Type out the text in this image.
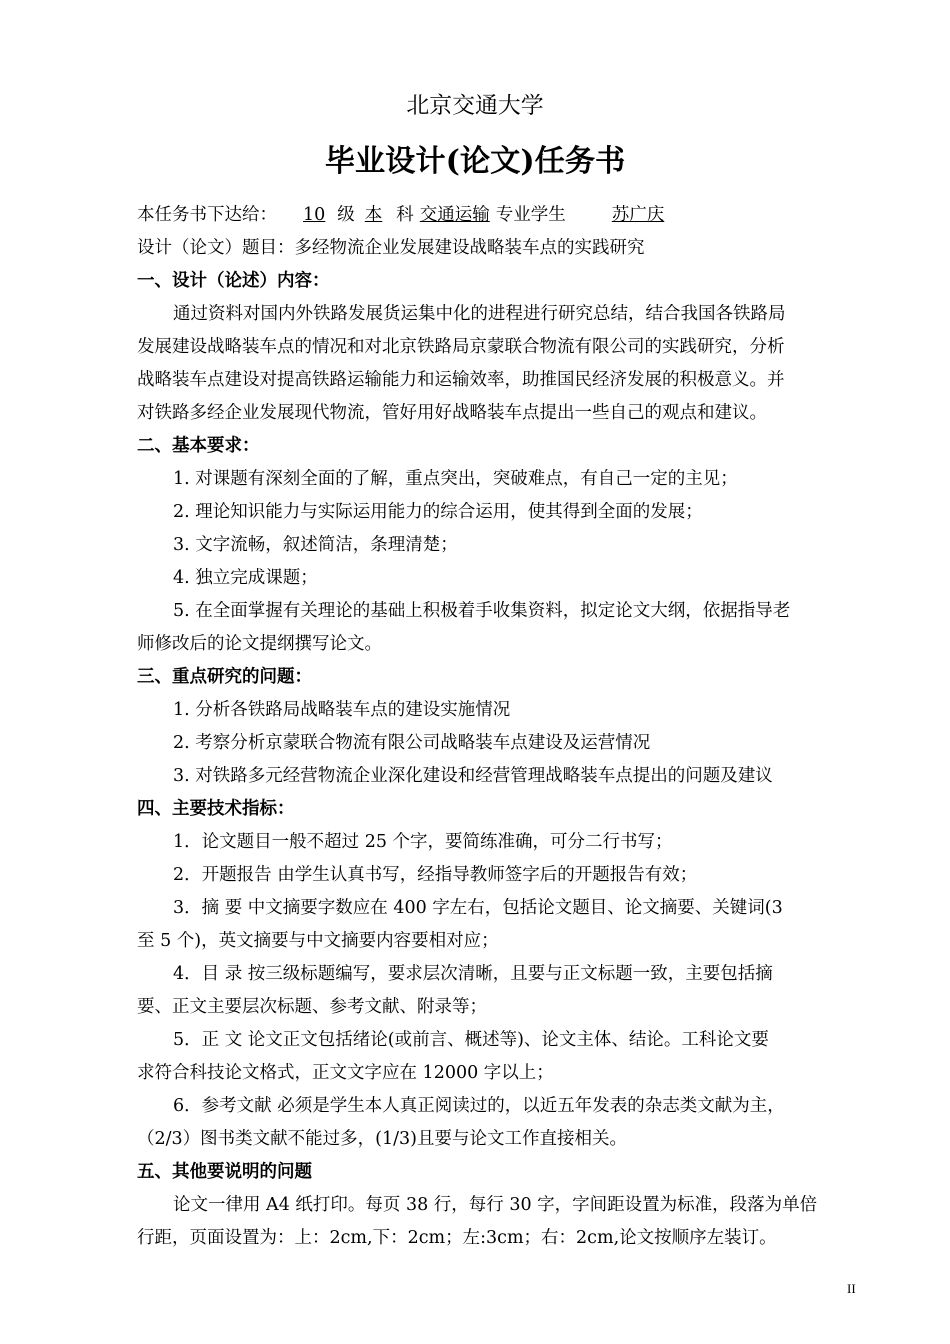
北京交通大学
毕业设计(论文)任务书
本任务书下达给： 10 级 本 科 交通运输 专业学生	苏广庆
设计（论文）题目：多经物流企业发展建设战略装车点的实践研究
一、设计（论述）内容：
通过资料对国内外铁路发展货运集中化的进程进行研究总结，结合我国各铁路局
发展建设战略装车点的情况和对北京铁路局京蒙联合物流有限公司的实践研究，分析
战略装车点建设对提高铁路运输能力和运输效率，助推国民经济发展的积极意义。并
对铁路多经企业发展现代物流，管好用好战略装车点提出一些自己的观点和建议。
二、基本要求：
1. 对课题有深刻全面的了解，重点突出，突破难点，有自己一定的主见；
2. 理论知识能力与实际运用能力的综合运用，使其得到全面的发展；
3. 文字流畅，叙述简洁，条理清楚；
4. 独立完成课题；
5. 在全面掌握有关理论的基础上积极着手收集资料，拟定论文大纲，依据指导老
师修改后的论文提纲撰写论文。
三、重点研究的问题：
1. 分析各铁路局战略装车点的建设实施情况
2. 考察分析京蒙联合物流有限公司战略装车点建设及运营情况
3. 对铁路多元经营物流企业深化建设和经营管理战略装车点提出的问题及建议
四、主要技术指标：
1．论文题目一般不超过 25 个字，要简练准确，可分二行书写；
2．开题报告 由学生认真书写，经指导教师签字后的开题报告有效；
3．摘 要 中文摘要字数应在 400 字左右，包括论文题目、论文摘要、关键词(3
至 5 个)，英文摘要与中文摘要内容要相对应；
4．目 录 按三级标题编写，要求层次清晰，且要与正文标题一致，主要包括摘
要、正文主要层次标题、参考文献、附录等；
5．正 文 论文正文包括绪论(或前言、概述等)、论文主体、结论。工科论文要
求符合科技论文格式，正文文字应在 12000 字以上；
6．参考文献 必须是学生本人真正阅读过的，以近五年发表的杂志类文献为主，
（2/3）图书类文献不能过多，(1/3)且要与论文工作直接相关。
五、其他要说明的问题
论文一律用 A4 纸打印。每页 38 行，每行 30 字，字间距设置为标准，段落为单倍
行距，页面设置为：上：2cm,下：2cm；左:3cm；右：2cm,论文按顺序左装订。
II
